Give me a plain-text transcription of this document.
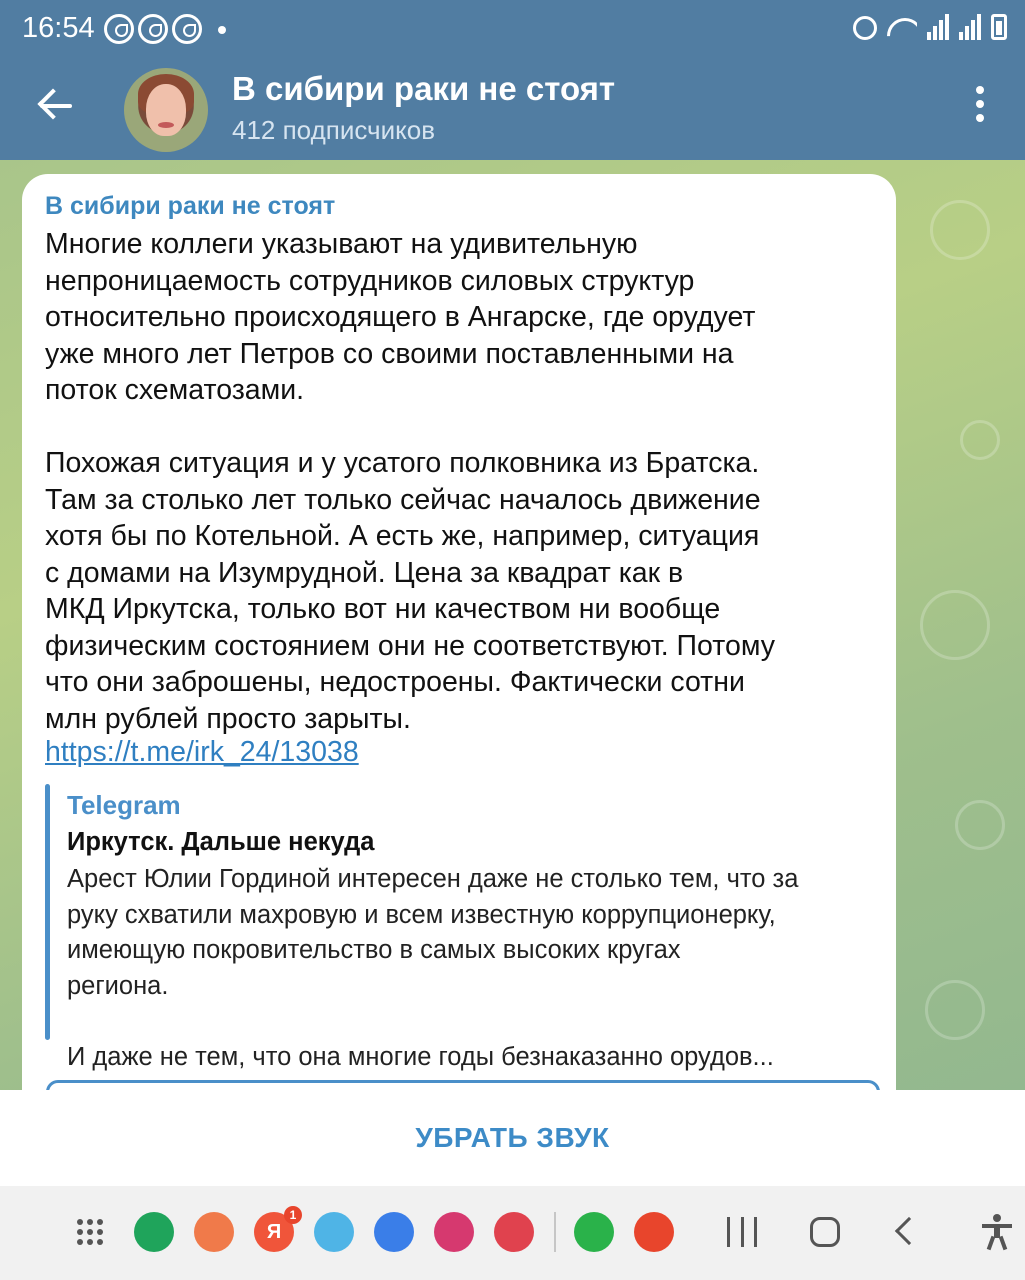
16:54
В сибири раки не стоят
412 подписчиков
В сибири раки не стоят
Многие коллеги указывают на удивительную
непроницаемость сотрудников силовых структур
относительно происходящего в Ангарске, где орудует
уже много лет Петров со своими поставленными на
поток схематозами.

Похожая ситуация и у усатого полковника из Братска.
Там за столько лет только сейчас началось движение
хотя бы по Котельной. А есть же, например, ситуация
с домами на Изумрудной. Цена за квадрат как в
МКД Иркутска, только вот ни качеством ни вообще
физическим состоянием они не соответствуют. Потому
что они заброшены, недостроены. Фактически сотни
млн рублей просто зарыты.
https://t.me/irk_24/13038
Telegram
Иркутск. Дальше некуда
Арест Юлии Гординой интересен даже не столько тем, что за
руку схватили махровую и всем известную коррупционерку,
имеющую покровительство в самых высоких кругах
региона.

И даже не тем, что она многие годы безнаказанно орудов...
УБРАТЬ ЗВУК
Я
1
